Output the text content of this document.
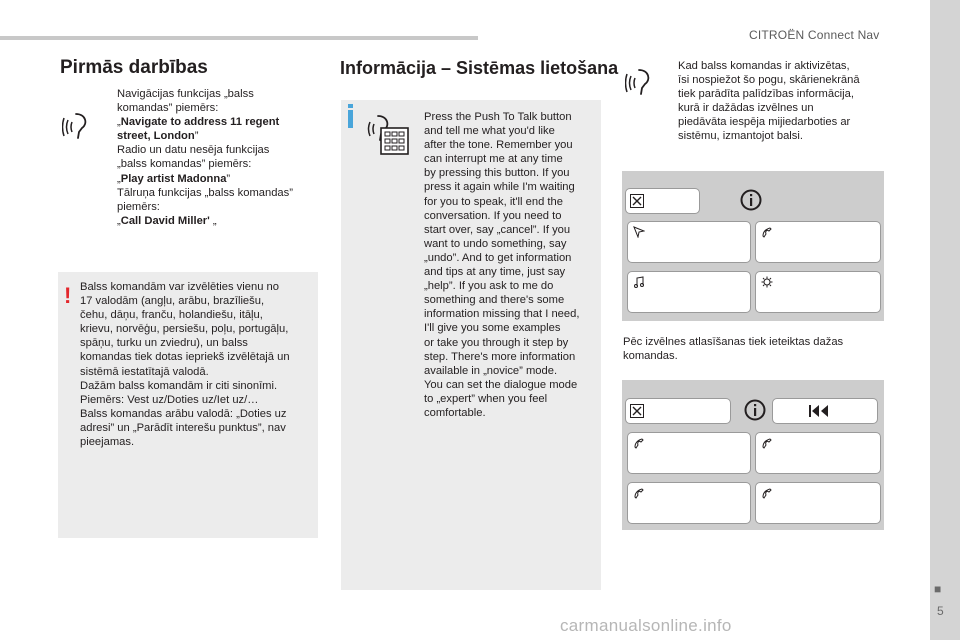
CITROËN Connect Nav
■
5
Pirmās darbības
Navigācijas funkcijas „balss
komandas” piemērs:
„Navigate to address 11 regent
street, London”
Radio un datu nesēja funkcijas
„balss komandas” piemērs:
„Play artist Madonna”
Tālruņa funkcijas „balss komandas”
piemērs:
„Call David Miller' „
! Balss komandām var izvēlēties vienu no
17 valodām (angļu, arābu, brazīliešu,
čehu, dāņu, franču, holandiešu, itāļu,
krievu, norvēģu, persiešu, poļu, portugāļu,
spāņu, turku un zviedru), un balss
komandas tiek dotas iepriekš izvēlētajā un
sistēmā iestatītajā valodā.
Dažām balss komandām ir citi sinonīmi.
Piemērs: Vest uz/Doties uz/Iet uz/…
Balss komandas arābu valodā: „Doties uz
adresi” un „Parādīt interešu punktus”, nav
pieejamas.
Informācija – Sistēmas lietošana
Press the Push To Talk button
and tell me what you'd like
after the tone. Remember you
can interrupt me at any time
by pressing this button. If you
press it again while I'm waiting
for you to speak, it'll end the
conversation. If you need to
start over, say „cancel”. If you
want to undo something, say
„undo”. And to get information
and tips at any time, just say
„help”. If you ask to me do
something and there's some
information missing that I need,
I'll give you some examples
or take you through it step by
step. There's more information
available in „novice” mode.
You can set the dialogue mode
to „expert” when you feel
comfortable.
Kad balss komandas ir aktivizētas,
īsi nospiežot šo pogu, skārienekrānā
tiek parādīta palīdzības informācija,
kurā ir dažādas izvēlnes un
piedāvāta iespēja mijiedarboties ar
sistēmu, izmantojot balsi.
Pēc izvēlnes atlasīšanas tiek ieteiktas dažas
komandas.
carmanualsonline.info
